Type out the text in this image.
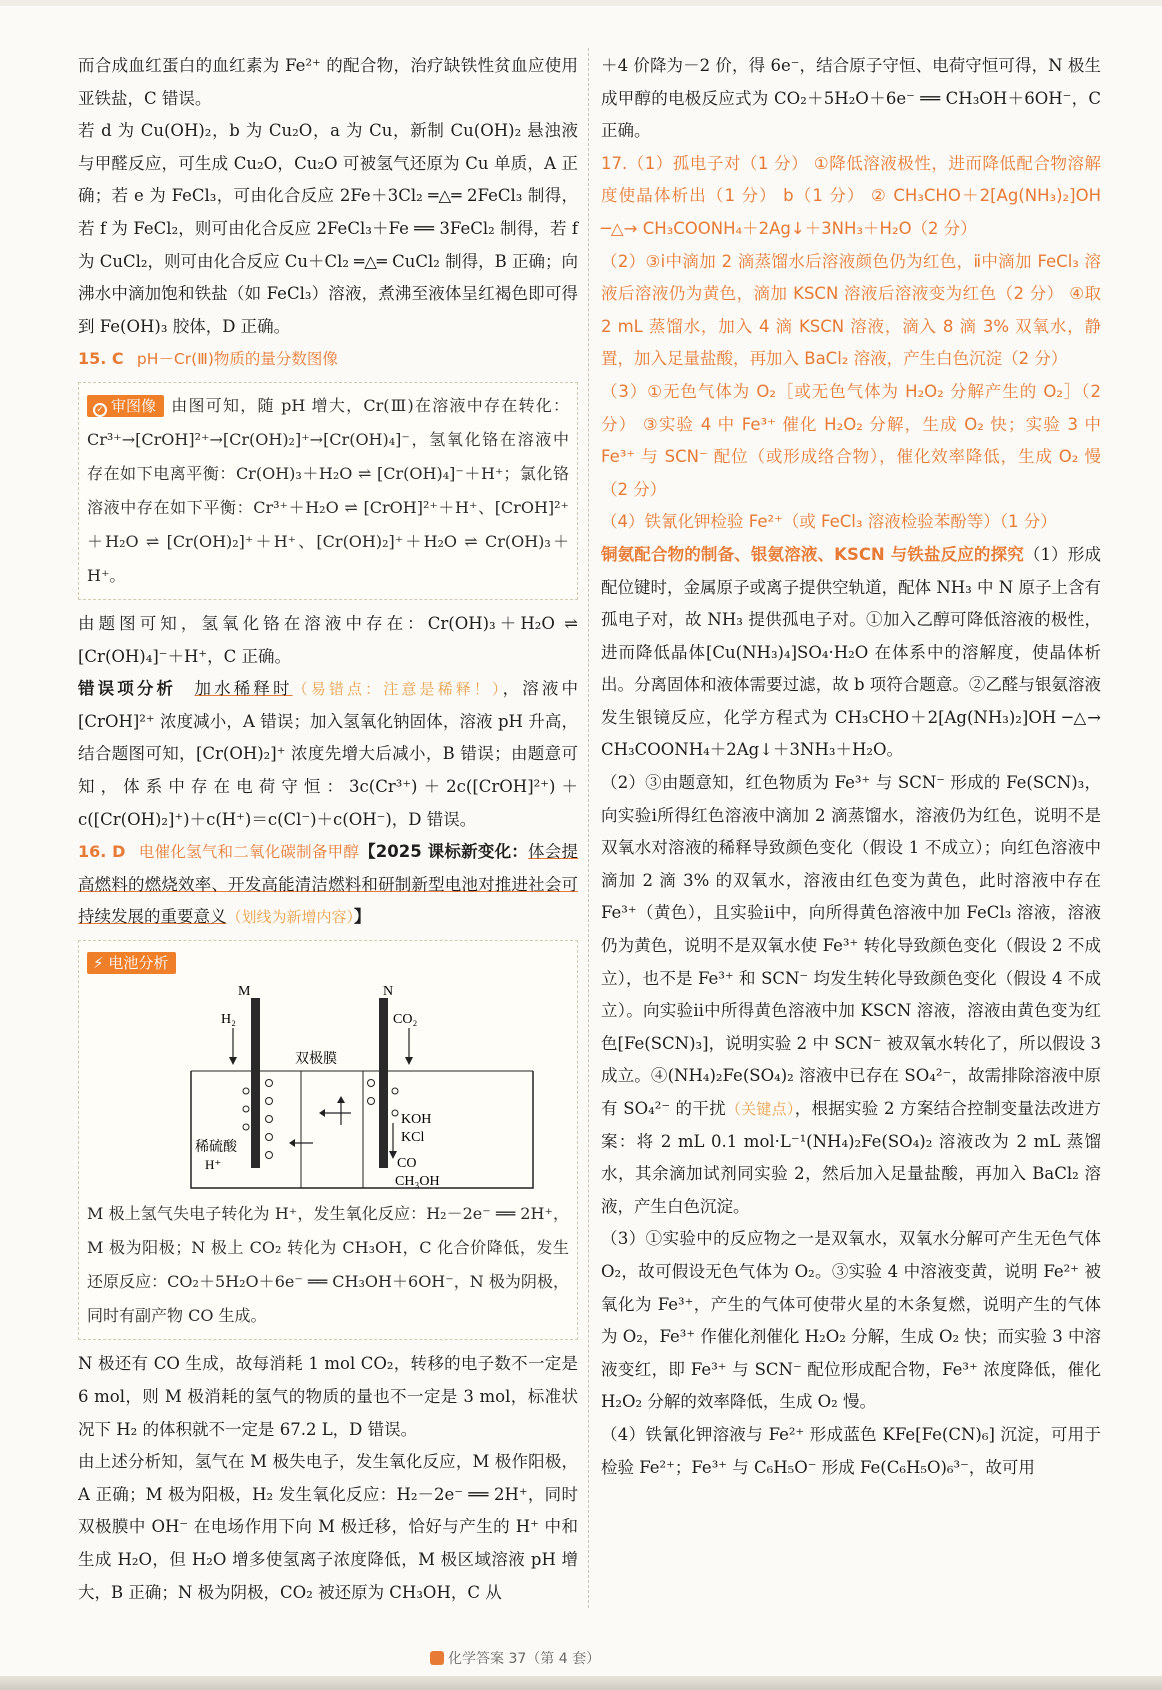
而合成血红蛋白的血红素为 Fe²⁺ 的配合物，治疗缺铁性贫血应使用亚铁盐，C 错误。

若 d 为 Cu(OH)₂，b 为 Cu₂O，a 为 Cu，新制 Cu(OH)₂ 悬浊液与甲醛反应，可生成 Cu₂O，Cu₂O 可被氢气还原为 Cu 单质，A 正确；若 e 为 FeCl₃，可由化合反应 2Fe＋3Cl₂ ═△═ 2FeCl₃ 制得，若 f 为 FeCl₂，则可由化合反应 2FeCl₃＋Fe ══ 3FeCl₂ 制得，若 f 为 CuCl₂，则可由化合反应 Cu＋Cl₂ ═△═ CuCl₂ 制得，B 正确；向沸水中滴加饱和铁盐（如 FeCl₃）溶液，煮沸至液体呈红褐色即可得到 Fe(OH)₃ 胶体，D 正确。

15. C pH－Cr(Ⅲ)物质的量分数图像

✓ 审图像 由图可知，随 pH 增大，Cr(Ⅲ)在溶液中存在转化：Cr³⁺→[CrOH]²⁺→[Cr(OH)₂]⁺→[Cr(OH)₄]⁻，氢氧化铬在溶液中存在如下电离平衡：Cr(OH)₃＋H₂O ⇌ [Cr(OH)₄]⁻＋H⁺；氯化铬溶液中存在如下平衡：Cr³⁺＋H₂O ⇌ [CrOH]²⁺＋H⁺、[CrOH]²⁺＋H₂O ⇌ [Cr(OH)₂]⁺＋H⁺、[Cr(OH)₂]⁺＋H₂O ⇌ Cr(OH)₃＋H⁺。

由题图可知，氢氧化铬在溶液中存在：Cr(OH)₃＋H₂O ⇌ [Cr(OH)₄]⁻＋H⁺，C 正确。

错误项分析 加水稀释时（易错点：注意是稀释！），溶液中 [CrOH]²⁺ 浓度减小，A 错误；加入氢氧化钠固体，溶液 pH 升高，结合题图可知，[Cr(OH)₂]⁺ 浓度先增大后减小，B 错误；由题意可知，体系中存在电荷守恒：3c(Cr³⁺)＋2c([CrOH]²⁺)＋c([Cr(OH)₂]⁺)＋c(H⁺)＝c(Cl⁻)＋c(OH⁻)，D 错误。

16. D 电催化氢气和二氧化碳制备甲醇【2025 课标新变化：体会提高燃料的燃烧效率、开发高能清洁燃料和研制新型电池对推进社会可持续发展的重要意义（划线为新增内容）】

⚡ 电池分析
M	N
H₂	CO₂
双极膜
稀硫酸
H⁺
KOH
KCl
CO
CH₃OH
M 极上氢气失电子转化为 H⁺，发生氧化反应：H₂－2e⁻ ══ 2H⁺，M 极为阳极；N 极上 CO₂ 转化为 CH₃OH，C 化合价降低，发生还原反应：CO₂＋5H₂O＋6e⁻ ══ CH₃OH＋6OH⁻，N 极为阴极，同时有副产物 CO 生成。

N 极还有 CO 生成，故每消耗 1 mol CO₂，转移的电子数不一定是 6 mol，则 M 极消耗的氢气的物质的量也不一定是 3 mol，标准状况下 H₂ 的体积就不一定是 67.2 L，D 错误。

由上述分析知，氢气在 M 极失电子，发生氧化反应，M 极作阳极，A 正确；M 极为阳极，H₂ 发生氧化反应：H₂－2e⁻ ══ 2H⁺，同时双极膜中 OH⁻ 在电场作用下向 M 极迁移，恰好与产生的 H⁺ 中和生成 H₂O，但 H₂O 增多使氢离子浓度降低，M 极区域溶液 pH 增大，B 正确；N 极为阴极，CO₂ 被还原为 CH₃OH，C 从

＋4 价降为－2 价，得 6e⁻，结合原子守恒、电荷守恒可得，N 极生成甲醇的电极反应式为 CO₂＋5H₂O＋6e⁻ ══ CH₃OH＋6OH⁻，C 正确。

17.（1）孤电子对（1 分） ①降低溶液极性，进而降低配合物溶解度使晶体析出（1 分） b（1 分） ② CH₃CHO＋2[Ag(NH₃)₂]OH ─△→ CH₃COONH₄＋2Ag↓＋3NH₃＋H₂O（2 分）

（2）③ⅰ中滴加 2 滴蒸馏水后溶液颜色仍为红色，ⅱ中滴加 FeCl₃ 溶液后溶液仍为黄色，滴加 KSCN 溶液后溶液变为红色（2 分） ④取 2 mL 蒸馏水，加入 4 滴 KSCN 溶液，滴入 8 滴 3% 双氧水，静置，加入足量盐酸，再加入 BaCl₂ 溶液，产生白色沉淀（2 分）

（3）①无色气体为 O₂［或无色气体为 H₂O₂ 分解产生的 O₂］（2 分） ③实验 4 中 Fe³⁺ 催化 H₂O₂ 分解，生成 O₂ 快；实验 3 中 Fe³⁺ 与 SCN⁻ 配位（或形成络合物），催化效率降低，生成 O₂ 慢（2 分）

（4）铁氰化钾检验 Fe²⁺（或 FeCl₃ 溶液检验苯酚等）（1 分）

铜氨配合物的制备、银氨溶液、KSCN 与铁盐反应的探究（1）形成配位键时，金属原子或离子提供空轨道，配体 NH₃ 中 N 原子上含有孤电子对，故 NH₃ 提供孤电子对。①加入乙醇可降低溶液的极性，进而降低晶体[Cu(NH₃)₄]SO₄·H₂O 在体系中的溶解度，使晶体析出。分离固体和液体需要过滤，故 b 项符合题意。②乙醛与银氨溶液发生银镜反应，化学方程式为 CH₃CHO＋2[Ag(NH₃)₂]OH ─△→ CH₃COONH₄＋2Ag↓＋3NH₃＋H₂O。

（2）③由题意知，红色物质为 Fe³⁺ 与 SCN⁻ 形成的 Fe(SCN)₃，向实验ⅰ所得红色溶液中滴加 2 滴蒸馏水，溶液仍为红色，说明不是双氧水对溶液的稀释导致颜色变化（假设 1 不成立）；向红色溶液中滴加 2 滴 3% 的双氧水，溶液由红色变为黄色，此时溶液中存在 Fe³⁺（黄色），且实验ⅱ中，向所得黄色溶液中加 FeCl₃ 溶液，溶液仍为黄色，说明不是双氧水使 Fe³⁺ 转化导致颜色变化（假设 2 不成立），也不是 Fe³⁺ 和 SCN⁻ 均发生转化导致颜色变化（假设 4 不成立）。向实验ⅱ中所得黄色溶液中加 KSCN 溶液，溶液由黄色变为红色[Fe(SCN)₃]，说明实验 2 中 SCN⁻ 被双氧水转化了，所以假设 3 成立。④(NH₄)₂Fe(SO₄)₂ 溶液中已存在 SO₄²⁻，故需排除溶液中原有 SO₄²⁻ 的干扰（关键点），根据实验 2 方案结合控制变量法改进方案：将 2 mL 0.1 mol·L⁻¹(NH₄)₂Fe(SO₄)₂ 溶液改为 2 mL 蒸馏水，其余滴加试剂同实验 2，然后加入足量盐酸，再加入 BaCl₂ 溶液，产生白色沉淀。

（3）①实验中的反应物之一是双氧水，双氧水分解可产生无色气体 O₂，故可假设无色气体为 O₂。③实验 4 中溶液变黄，说明 Fe²⁺ 被氧化为 Fe³⁺，产生的气体可使带火星的木条复燃，说明产生的气体为 O₂，Fe³⁺ 作催化剂催化 H₂O₂ 分解，生成 O₂ 快；而实验 3 中溶液变红，即 Fe³⁺ 与 SCN⁻ 配位形成配合物，Fe³⁺ 浓度降低，催化 H₂O₂ 分解的效率降低，生成 O₂ 慢。

（4）铁氰化钾溶液与 Fe²⁺ 形成蓝色 KFe[Fe(CN)₆] 沉淀，可用于检验 Fe²⁺；Fe³⁺ 与 C₆H₅O⁻ 形成 Fe(C₆H₅O)₆³⁻，故可用

化学答案 37（第 4 套）
